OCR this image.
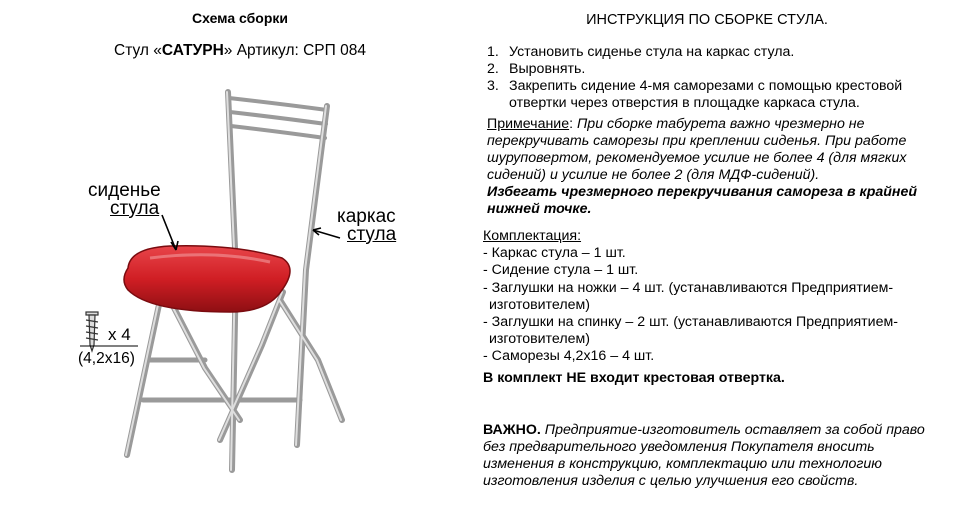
Схема сборки
Стул «САТУРН» Артикул: СРП 084
сиденье
стула	каркас
стула
x 4
(4,2x16)
ИНСТРУКЦИЯ ПО СБОРКЕ СТУЛА.
1. Установить сиденье стула на каркас стула.
2. Выровнять.
3. Закрепить сидение 4-мя саморезами с помощью крестовой
отвертки через отверстия в площадке каркаса стула.
Примечание: При сборке табурета важно чрезмерно не
перекручивать саморезы при креплении сиденья. При работе
шуруповертом, рекомендуемое усилие не более 4 (для мягких
сидений) и усилие не более 2 (для МДФ-сидений).
Избегать чрезмерного перекручивания самореза в крайней
нижней точке.
Комплектация:
- Каркас стула – 1 шт.
- Сидение стула – 1 шт.
- Заглушки на ножки – 4 шт. (устанавливаются Предприятием-
изготовителем)
- Заглушки на спинку – 2 шт. (устанавливаются Предприятием-
изготовителем)
- Саморезы 4,2х16 – 4 шт.
В комплект НЕ входит крестовая отвертка.
ВАЖНО. Предприятие-изготовитель оставляет за собой право
без предварительного уведомления Покупателя вносить
изменения в конструкцию, комплектацию или технологию
изготовления изделия с целью улучшения его свойств.
